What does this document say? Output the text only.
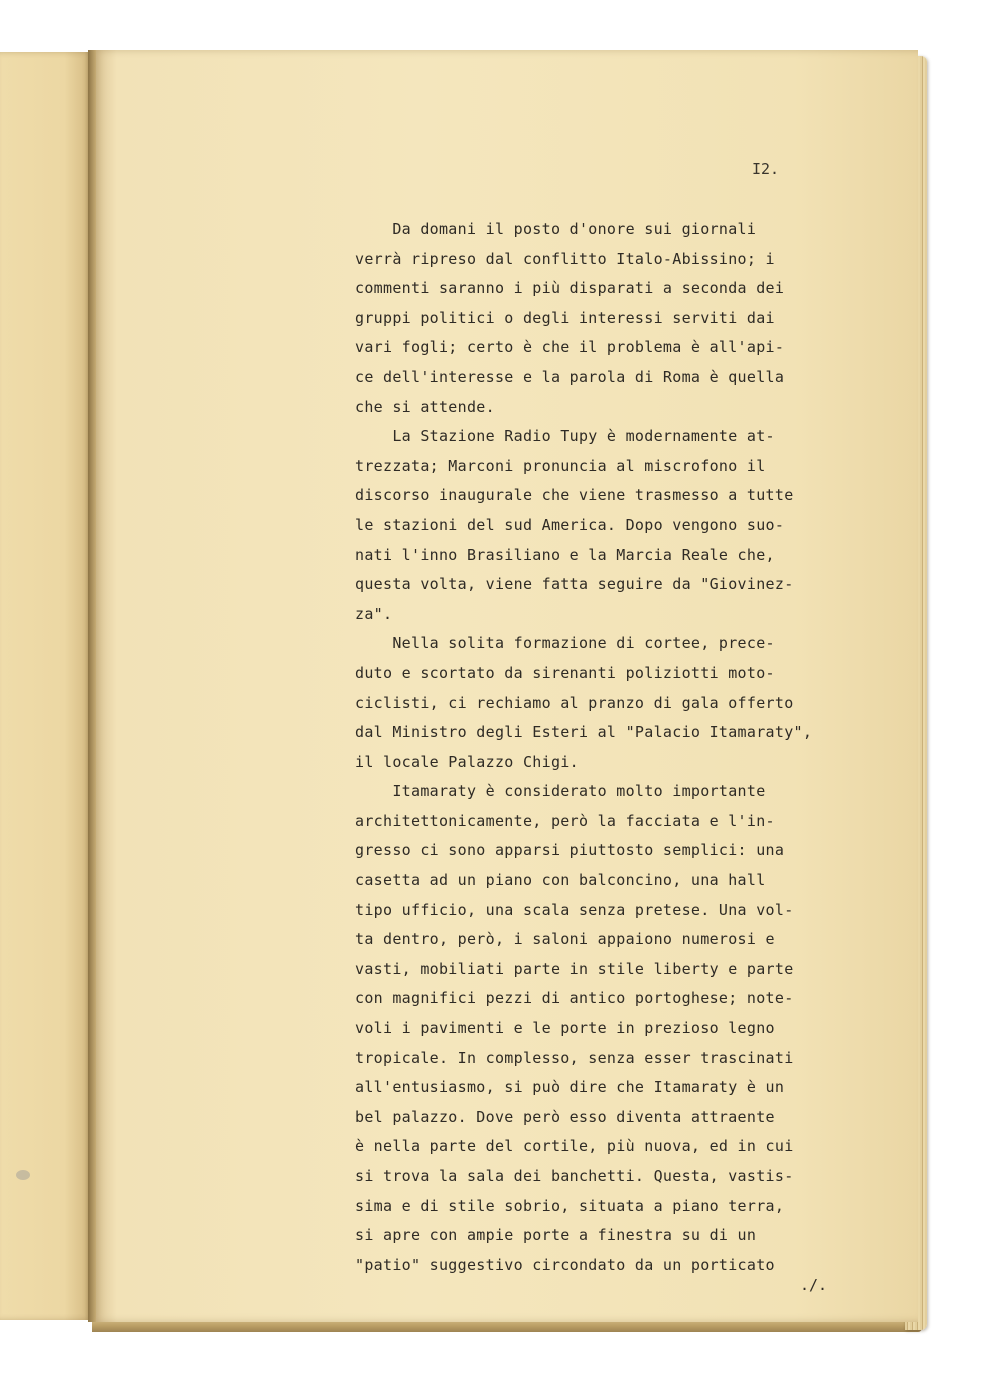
I2.
Da domani il posto d'onore sui giornali
verrà ripreso dal conflitto Italo-Abissino; i
commenti saranno i più disparati a seconda dei
gruppi politici o degli interessi serviti dai
vari fogli; certo è che il problema è all'api-
ce dell'interesse e la parola di Roma è quella
che si attende.
La Stazione Radio Tupy è modernamente at-
trezzata; Marconi pronuncia al miscrofono il
discorso inaugurale che viene trasmesso a tutte
le stazioni del sud America. Dopo vengono suo-
nati l'inno Brasiliano e la Marcia Reale che,
questa volta, viene fatta seguire da "Giovinez-
za".
Nella solita formazione di cortee, prece-
duto e scortato da sirenanti poliziotti moto-
ciclisti, ci rechiamo al pranzo di gala offerto
dal Ministro degli Esteri al "Palacio Itamaraty",
il locale Palazzo Chigi.
Itamaraty è considerato molto importante
architettonicamente, però la facciata e l'in-
gresso ci sono apparsi piuttosto semplici: una
casetta ad un piano con balconcino, una hall
tipo ufficio, una scala senza pretese. Una vol-
ta dentro, però, i saloni appaiono numerosi e
vasti, mobiliati parte in stile liberty e parte
con magnifici pezzi di antico portoghese; note-
voli i pavimenti e le porte in prezioso legno
tropicale. In complesso, senza esser trascinati
all'entusiasmo, si può dire che Itamaraty è un
bel palazzo. Dove però esso diventa attraente
è nella parte del cortile, più nuova, ed in cui
si trova la sala dei banchetti. Questa, vastis-
sima e di stile sobrio, situata a piano terra,
si apre con ampie porte a finestra su di un
"patio" suggestivo circondato da un porticato
./.
